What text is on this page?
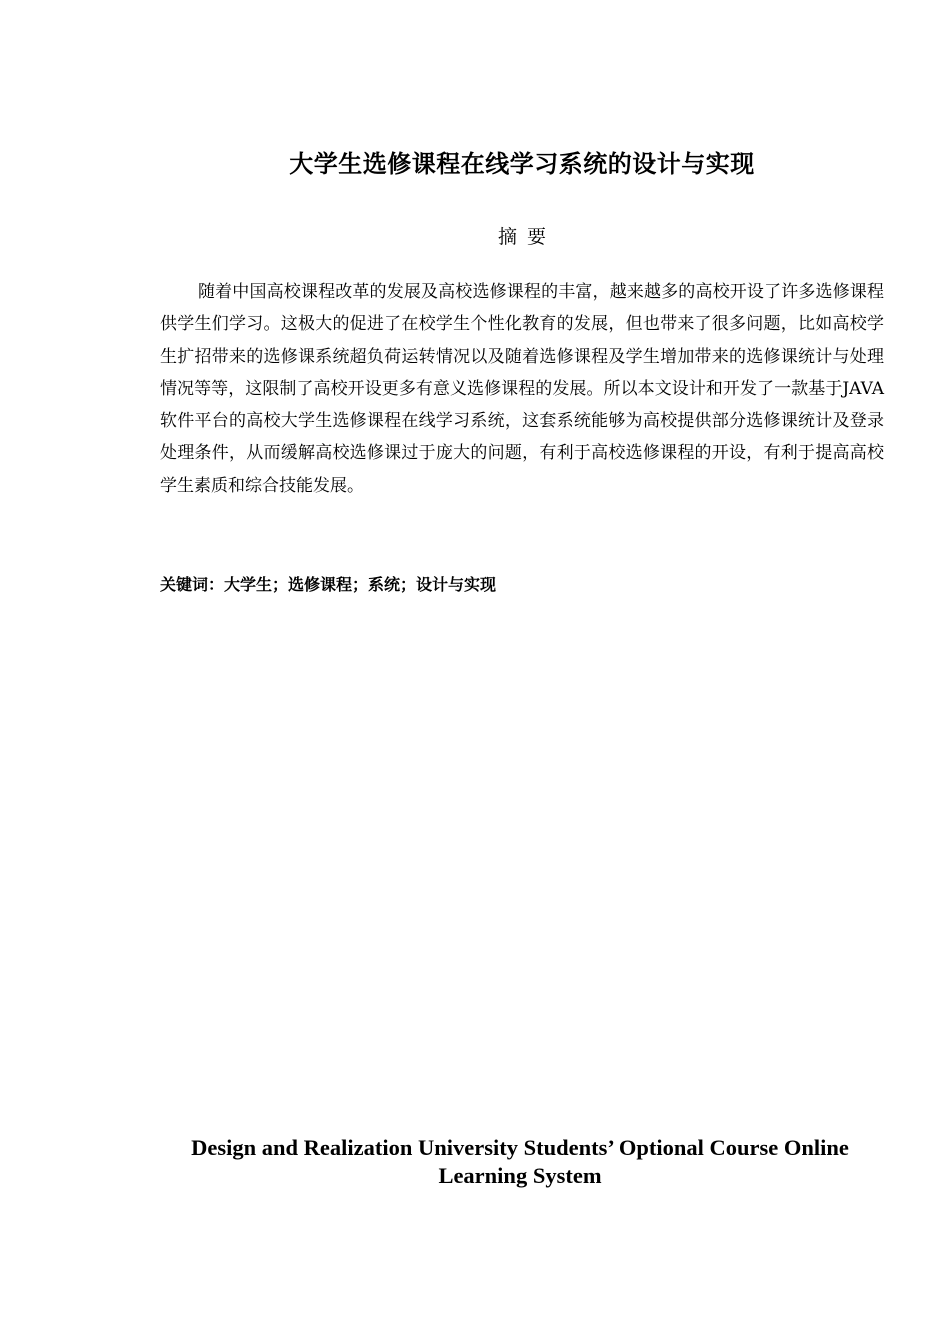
大学生选修课程在线学习系统的设计与实现
摘要

随着中国高校课程改革的发展及高校选修课程的丰富，越来越多的高校开设了许多选修课程供学生们学习。这极大的促进了在校学生个性化教育的发展，但也带来了很多问题，比如高校学生扩招带来的选修课系统超负荷运转情况以及随着选修课程及学生增加带来的选修课统计与处理情况等等，这限制了高校开设更多有意义选修课程的发展。所以本文设计和开发了一款基于JAVA软件平台的高校大学生选修课程在线学习系统，这套系统能够为高校提供部分选修课统计及登录处理条件，从而缓解高校选修课过于庞大的问题，有利于高校选修课程的开设，有利于提高高校学生素质和综合技能发展。

关键词：大学生；选修课程；系统；设计与实现
Design and Realization University Students’ Optional Course Online
Learning System
